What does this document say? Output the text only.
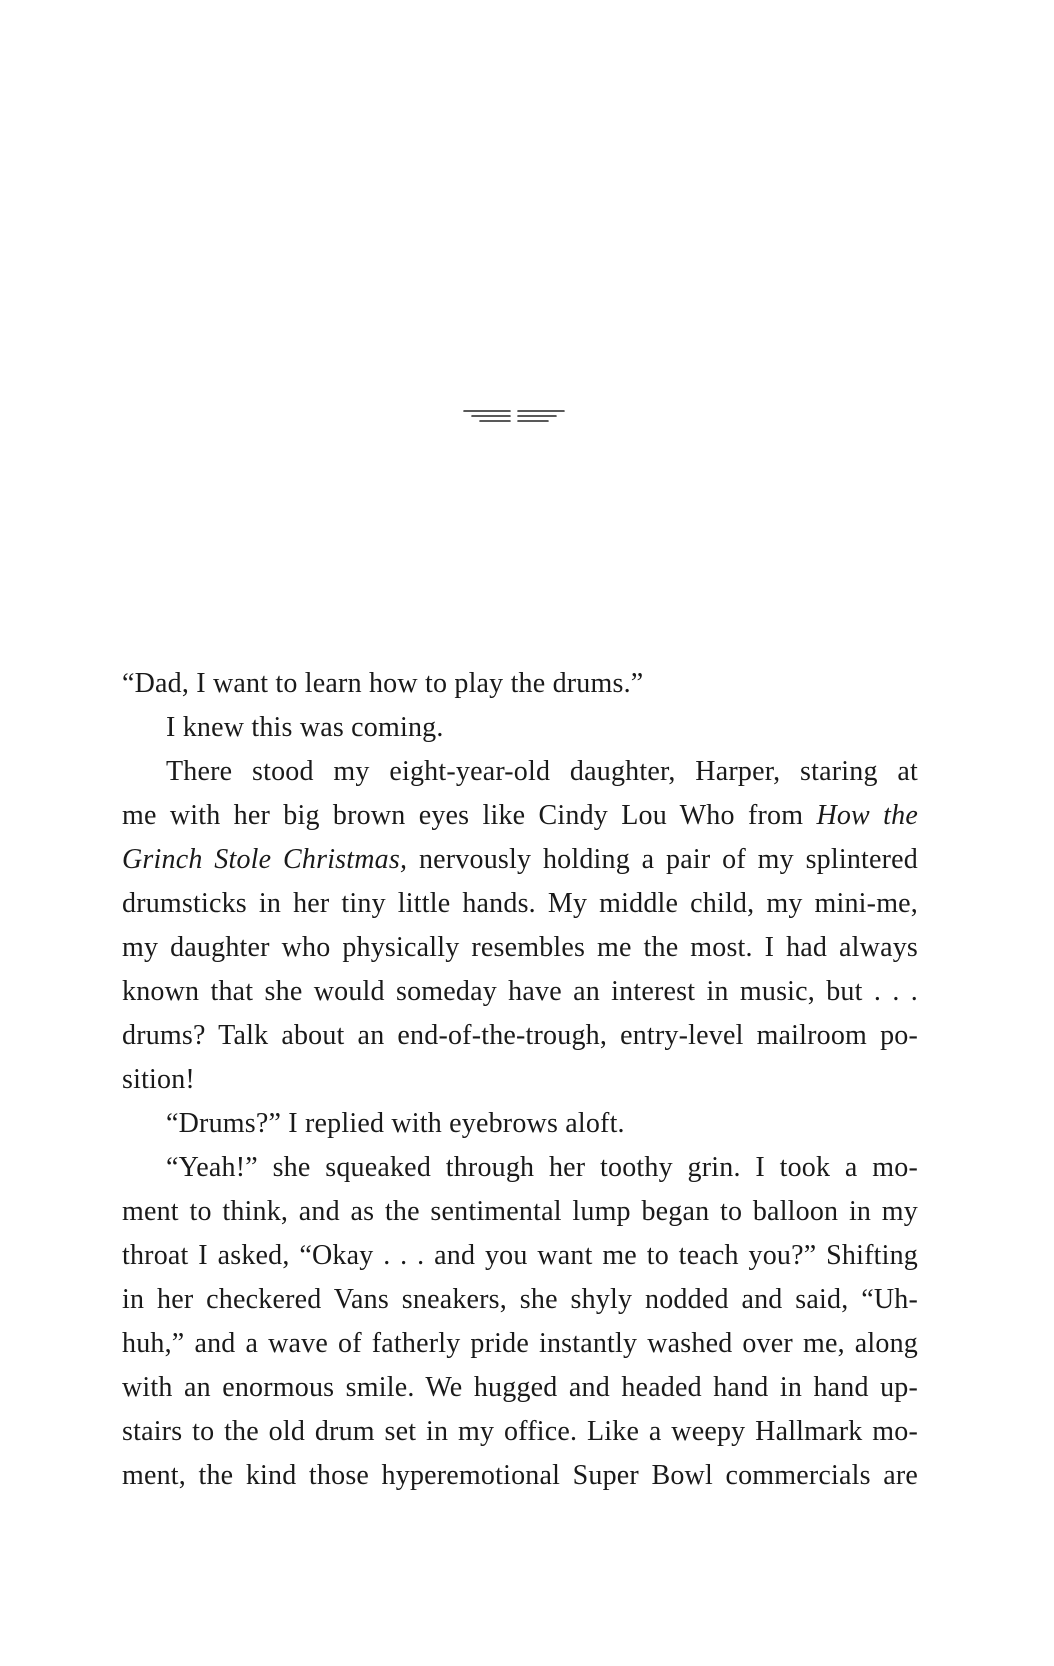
“Dad, I want to learn how to play the drums.”
I knew this was coming.
There stood my eight-year-old daughter, Harper, staring at
me with her big brown eyes like Cindy Lou Who from How the
Grinch Stole Christmas, nervously holding a pair of my splintered
drumsticks in her tiny little hands. My middle child, my mini-me,
my daughter who physically resembles me the most. I had always
known that she would someday have an interest in music, but . . .
drums? Talk about an end-of-the-trough, entry-level mailroom po-
sition!
“Drums?” I replied with eyebrows aloft.
“Yeah!” she squeaked through her toothy grin. I took a mo-
ment to think, and as the sentimental lump began to balloon in my
throat I asked, “Okay . . . and you want me to teach you?” Shifting
in her checkered Vans sneakers, she shyly nodded and said, “Uh-
huh,” and a wave of fatherly pride instantly washed over me, along
with an enormous smile. We hugged and headed hand in hand up-
stairs to the old drum set in my office. Like a weepy Hallmark mo-
ment, the kind those hyperemotional Super Bowl commercials are
